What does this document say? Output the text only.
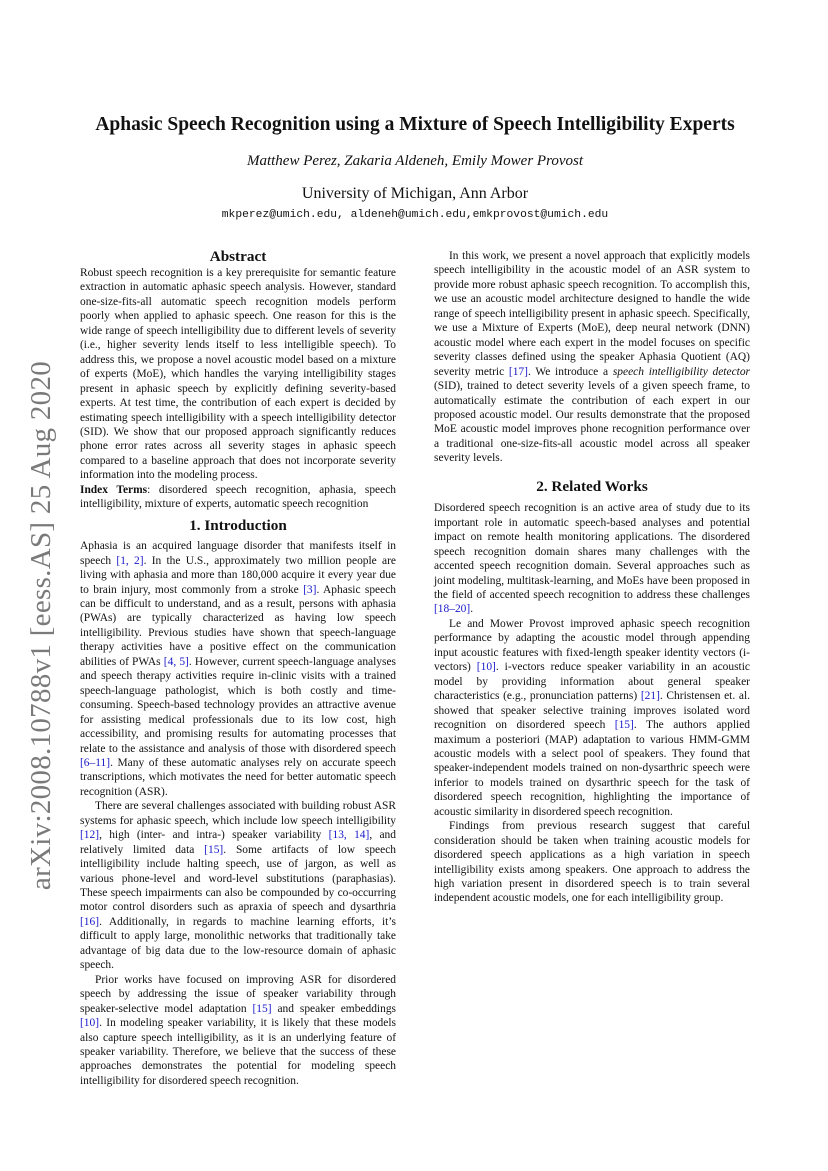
arXiv:2008.10788v1 [eess.AS] 25 Aug 2020
Aphasic Speech Recognition using a Mixture of Speech Intelligibility Experts
Matthew Perez, Zakaria Aldeneh, Emily Mower Provost
University of Michigan, Ann Arbor
mkperez@umich.edu, aldeneh@umich.edu,emkprovost@umich.edu
Abstract

Robust speech recognition is a key prerequisite for semantic feature extraction in automatic aphasic speech analysis. However, standard one-size-fits-all automatic speech recognition models perform poorly when applied to aphasic speech. One reason for this is the wide range of speech intelligibility due to different levels of severity (i.e., higher severity lends itself to less intelligible speech). To address this, we propose a novel acoustic model based on a mixture of experts (MoE), which handles the varying intelligibility stages present in aphasic speech by explicitly defining severity-based experts. At test time, the contribution of each expert is decided by estimating speech intelligibility with a speech intelligibility detector (SID). We show that our proposed approach significantly reduces phone error rates across all severity stages in aphasic speech compared to a baseline approach that does not incorporate severity information into the modeling process.

Index Terms: disordered speech recognition, aphasia, speech intelligibility, mixture of experts, automatic speech recognition

1. Introduction

Aphasia is an acquired language disorder that manifests itself in speech [1, 2]. In the U.S., approximately two million people are living with aphasia and more than 180,000 acquire it every year due to brain injury, most commonly from a stroke [3]. Aphasic speech can be difficult to understand, and as a result, persons with aphasia (PWAs) are typically characterized as having low speech intelligibility. Previous studies have shown that speech-language therapy activities have a positive effect on the communication abilities of PWAs [4, 5]. However, current speech-language analyses and speech therapy activities require in-clinic visits with a trained speech-language pathologist, which is both costly and time-consuming. Speech-based technology provides an attractive avenue for assisting medical professionals due to its low cost, high accessibility, and promising results for automating processes that relate to the assistance and analysis of those with disordered speech [6–11]. Many of these automatic analyses rely on accurate speech transcriptions, which motivates the need for better automatic speech recognition (ASR).

There are several challenges associated with building robust ASR systems for aphasic speech, which include low speech intelligibility [12], high (inter- and intra-) speaker variability [13, 14], and relatively limited data [15]. Some artifacts of low speech intelligibility include halting speech, use of jargon, as well as various phone-level and word-level substitutions (paraphasias). These speech impairments can also be compounded by co-occurring motor control disorders such as apraxia of speech and dysarthria [16]. Additionally, in regards to machine learning efforts, it’s difficult to apply large, monolithic networks that traditionally take advantage of big data due to the low-resource domain of aphasic speech.

Prior works have focused on improving ASR for disordered speech by addressing the issue of speaker variability through speaker-selective model adaptation [15] and speaker embeddings [10]. In modeling speaker variability, it is likely that these models also capture speech intelligibility, as it is an underlying feature of speaker variability. Therefore, we believe that the success of these approaches demonstrates the potential for modeling speech intelligibility for disordered speech recognition.

In this work, we present a novel approach that explicitly models speech intelligibility in the acoustic model of an ASR system to provide more robust aphasic speech recognition. To accomplish this, we use an acoustic model architecture designed to handle the wide range of speech intelligibility present in aphasic speech. Specifically, we use a Mixture of Experts (MoE), deep neural network (DNN) acoustic model where each expert in the model focuses on specific severity classes defined using the speaker Aphasia Quotient (AQ) severity metric [17]. We introduce a speech intelligibility detector (SID), trained to detect severity levels of a given speech frame, to automatically estimate the contribution of each expert in our proposed acoustic model. Our results demonstrate that the proposed MoE acoustic model improves phone recognition performance over a traditional one-size-fits-all acoustic model across all speaker severity levels.

2. Related Works

Disordered speech recognition is an active area of study due to its important role in automatic speech-based analyses and potential impact on remote health monitoring applications. The disordered speech recognition domain shares many challenges with the accented speech recognition domain. Several approaches such as joint modeling, multitask-learning, and MoEs have been proposed in the field of accented speech recognition to address these challenges [18–20].

Le and Mower Provost improved aphasic speech recognition performance by adapting the acoustic model through appending input acoustic features with fixed-length speaker identity vectors (i-vectors) [10]. i-vectors reduce speaker variability in an acoustic model by providing information about general speaker characteristics (e.g., pronunciation patterns) [21]. Christensen et. al. showed that speaker selective training improves isolated word recognition on disordered speech [15]. The authors applied maximum a posteriori (MAP) adaptation to various HMM-GMM acoustic models with a select pool of speakers. They found that speaker-independent models trained on non-dysarthric speech were inferior to models trained on dysarthric speech for the task of disordered speech recognition, highlighting the importance of acoustic similarity in disordered speech recognition.

Findings from previous research suggest that careful consideration should be taken when training acoustic models for disordered speech applications as a high variation in speech intelligibility exists among speakers. One approach to address the high variation present in disordered speech is to train several independent acoustic models, one for each intelligibility group.
